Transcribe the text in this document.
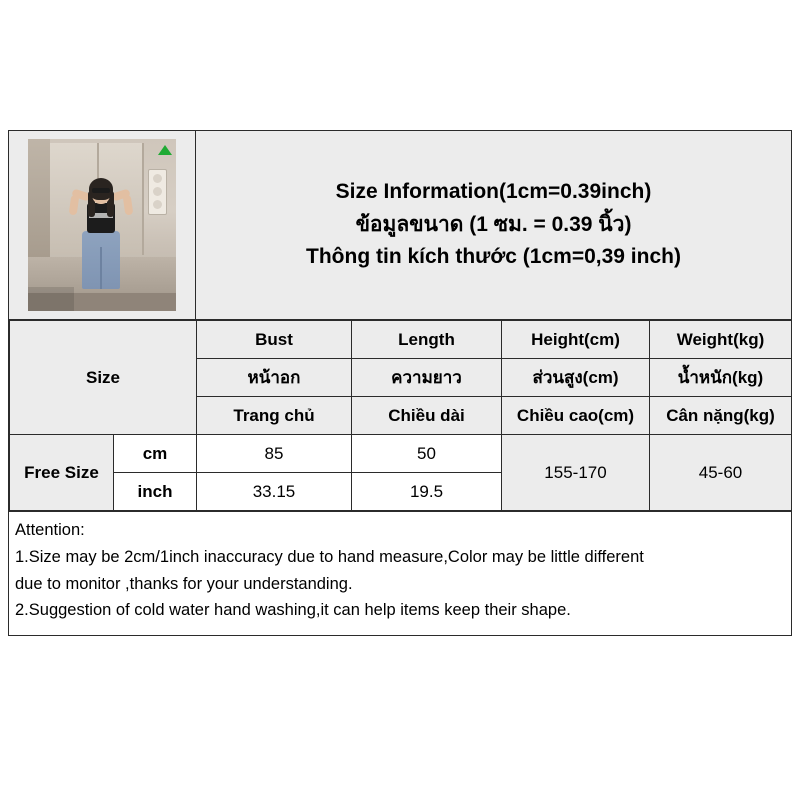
Size Information(1cm=0.39inch)
ข้อมูลขนาด (1 ซม. = 0.39 นิ้ว)
Thông tin kích thước (1cm=0,39 inch)
Size		Bust	Length	Height(cm)	Weight(kg)
		หน้าอก	ความยาว	ส่วนสูง(cm)	น้ำหนัก(kg)
		Trang chủ	Chiều dài	Chiều cao(cm)	Cân nặng(kg)
Free Size	cm	85	50	155-170	45-60
	inch	33.15	19.5		

Attention:

1.Size may be 2cm/1inch inaccuracy due to hand measure,Color may be little different

due to monitor ,thanks for your understanding.

2.Suggestion of cold water hand washing,it can help items keep their shape.
